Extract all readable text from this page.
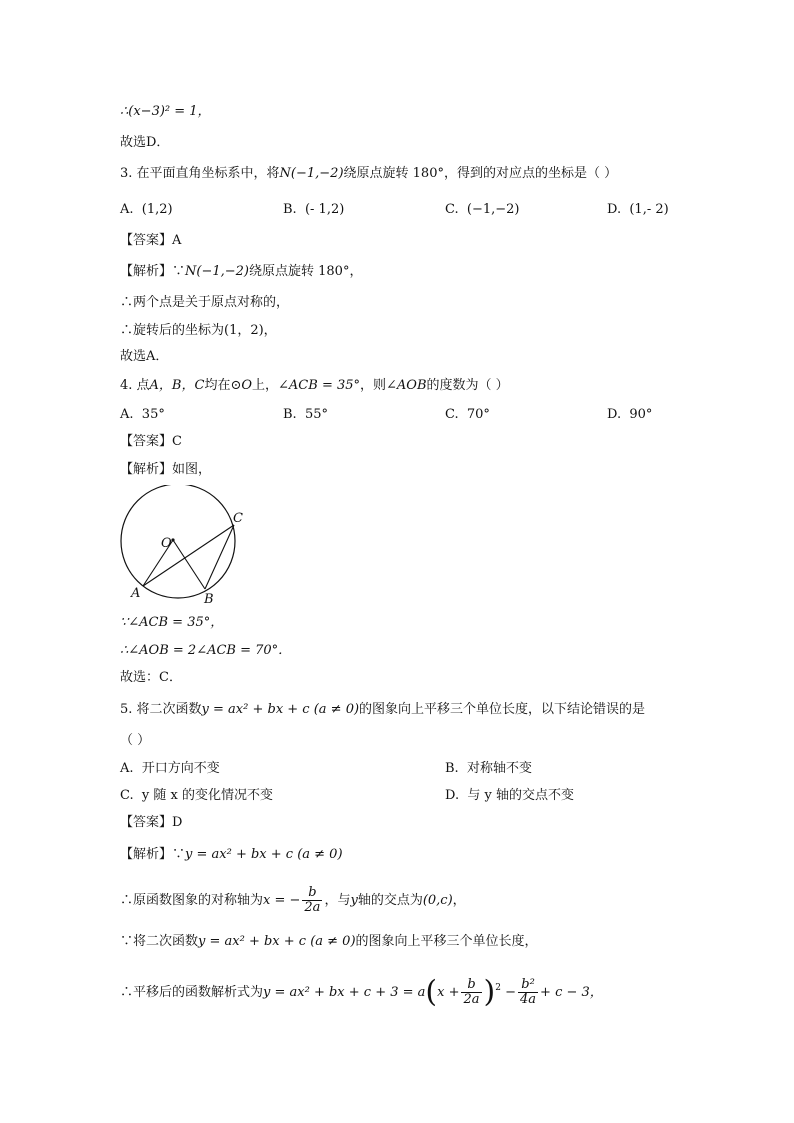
∴(x−3)² = 1，
故选D．
3. 在平面直角坐标系中，将N(−1,−2)绕原点旋转 180°，得到的对应点的坐标是（ ）
A. (1,2)	B. (- 1,2)	C. (−1,−2)	D. (1,- 2)
【答案】A
【解析】∵N(−1,−2)绕原点旋转 180°，
∴两个点是关于原点对称的，
∴旋转后的坐标为(1，2)，
故选A．
4. 点A，B，C均在⊙O上，∠ACB = 35°，则∠AOB的度数为（ ）
A. 35°	B. 55°	C. 70°	D. 90°
【答案】C
【解析】如图，
O
A	B
C
∵∠ACB = 35°，
∴∠AOB = 2∠ACB = 70°．
故选：C．
5. 将二次函数y = ax² + bx + c (a ≠ 0)的图象向上平移三个单位长度，以下结论错误的是
（ ）
A. 开口方向不变	B. 对称轴不变
C. y 随 x 的变化情况不变	D. 与 y 轴的交点不变
【答案】D
【解析】∵y = ax² + bx + c (a ≠ 0)
∴原函数图象的对称轴为x = − $\frac{b}{2a}$ ，与y轴的交点为(0,c)，
∵将二次函数y = ax² + bx + c (a ≠ 0)的图象向上平移三个单位长度，
∴平移后的函数解析式为y = ax² + bx + $c + 3 = a(x + \frac{b}{2a} )^2 - \frac{\text{b²}}{4a} + c - 3$，
